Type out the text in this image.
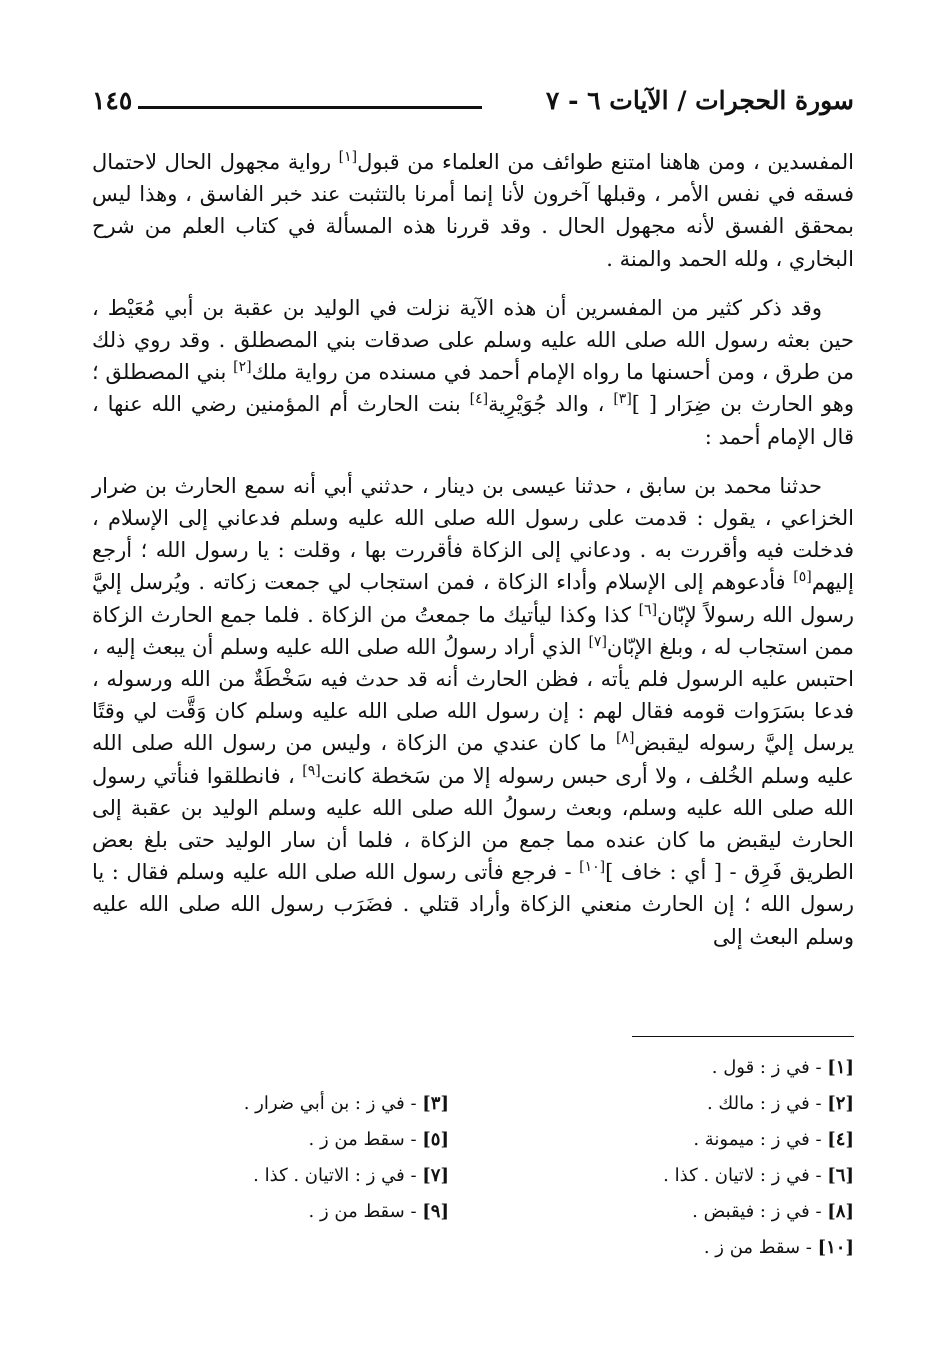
سورة الحجرات / الآيات ٦ - ٧
١٤٥

المفسدين ، ومن هاهنا امتنع طوائف من العلماء من قبول[١] رواية مجهول الحال لاحتمال فسقه في نفس الأمر ، وقبلها آخرون لأنا إنما أمرنا بالتثبت عند خبر الفاسق ، وهذا ليس بمحقق الفسق لأنه مجهول الحال . وقد قررنا هذه المسألة في كتاب العلم من شرح البخاري ، ولله الحمد والمنة .

وقد ذكر كثير من المفسرين أن هذه الآية نزلت في الوليد بن عقبة بن أبي مُعَيْط ، حين بعثه رسول الله صلى الله عليه وسلم على صدقات بني المصطلق . وقد روي ذلك من طرق ، ومن أحسنها ما رواه الإمام أحمد في مسنده من رواية ملك[٢] بني المصطلق ؛ وهو الحارث بن ضِرَار [ ][٣] ، والد جُوَيْرِية[٤] بنت الحارث أم المؤمنين رضي الله عنها ، قال الإمام أحمد :

حدثنا محمد بن سابق ، حدثنا عيسى بن دينار ، حدثني أبي أنه سمع الحارث بن ضرار الخزاعي ، يقول : قدمت على رسول الله صلى الله عليه وسلم فدعاني إلى الإسلام ، فدخلت فيه وأقررت به . ودعاني إلى الزكاة فأقررت بها ، وقلت : يا رسول الله ؛ أرجع إليهم[٥] فأدعوهم إلى الإسلام وأداء الزكاة ، فمن استجاب لي جمعت زكاته . ويُرسل إليَّ رسول الله رسولاً لإبّان[٦] كذا وكذا ليأتيك ما جمعتُ من الزكاة . فلما جمع الحارث الزكاة ممن استجاب له ، وبلغ الإبّان[٧] الذي أراد رسولُ الله صلى الله عليه وسلم أن يبعث إليه ، احتبس عليه الرسول فلم يأته ، فظن الحارث أنه قد حدث فيه سَخْطَةٌ من الله ورسوله ، فدعا بسَرَوات قومه فقال لهم : إن رسول الله صلى الله عليه وسلم كان وَقَّت لي وقتًا يرسل إليَّ رسوله ليقبض[٨] ما كان عندي من الزكاة ، وليس من رسول الله صلى الله عليه وسلم الخُلف ، ولا أرى حبس رسوله إلا من سَخطة كانت[٩] ، فانطلقوا فنأتي رسول الله صلى الله عليه وسلم، وبعث رسولُ الله صلى الله عليه وسلم الوليد بن عقبة إلى الحارث ليقبض ما كان عنده مما جمع من الزكاة ، فلما أن سار الوليد حتى بلغ بعض الطريق فَرِق - [ أي : خاف ][١٠] - فرجع فأتى رسول الله صلى الله عليه وسلم فقال : يا رسول الله ؛ إن الحارث منعني الزكاة وأراد قتلي . فضَرَب رسول الله صلى الله عليه وسلم البعث إلى

[١] - في ز : قول .
[٢] - في ز : مالك .
[٤] - في ز : ميمونة .
[٦] - في ز : لاتيان . كذا .
[٨] - في ز : فيقبض .
[١٠] - سقط من ز .
[٣] - في ز : بن أبي ضرار .
[٥] - سقط من ز .
[٧] - في ز : الاتيان . كذا .
[٩] - سقط من ز .
